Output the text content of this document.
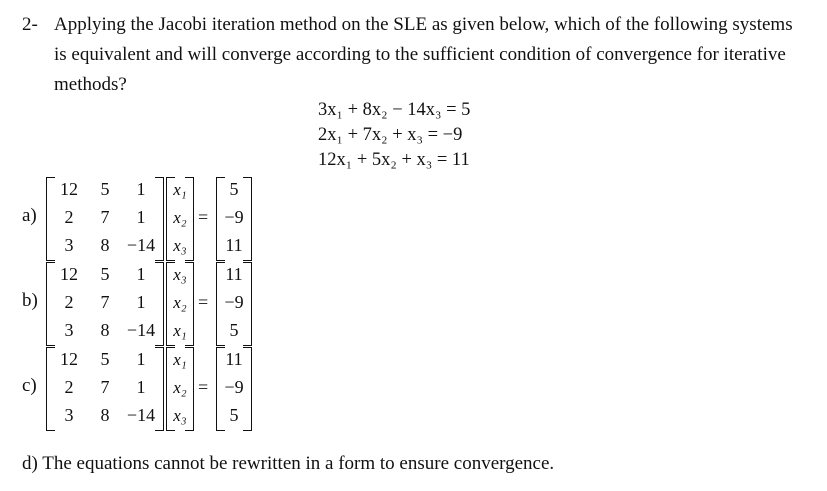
2- Applying the Jacobi iteration method on the SLE as given below, which of the following systems
is equivalent and will converge according to the sufficient condition of convergence for iterative
methods?
3x₁ + 8x₂ − 14x₃ = 5
2x₁ + 7x₂ + x₃ = −9
12x₁ + 5x₂ + x₃ = 11
a)
12	5	1
2	7	1
3	8 −14
x₁
x₂
x₃
=
5
−9
11
b)
12	5	1
2	7	1
3	8 −14
x₃
x₂
x₁
=
11
−9
5
c)
12	5	1
2	7	1
3	8 −14
x₁
x₂
x₃
=
11
−9
5
d) The equations cannot be rewritten in a form to ensure convergence.
